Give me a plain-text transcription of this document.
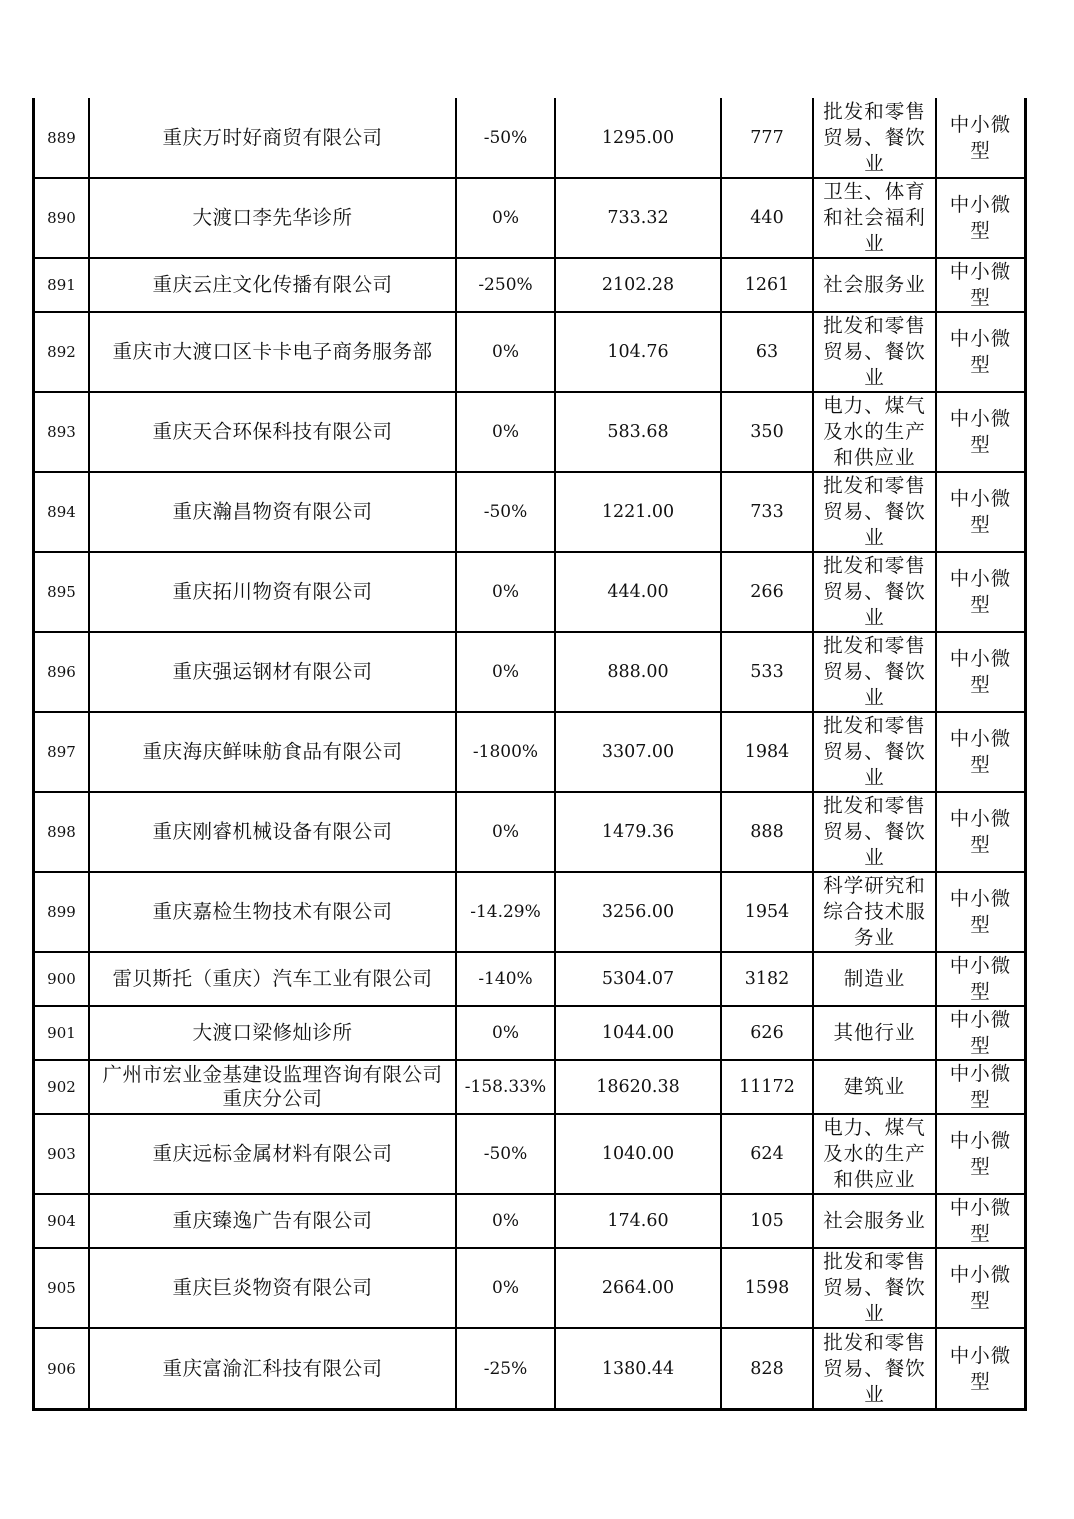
889	重庆万时好商贸有限公司	-50%	1295.00	777	批发和零售贸易、餐饮业	中小微型

890	大渡口李先华诊所	0%	733.32	440	卫生、体育和社会福利业	中小微型

891	重庆云庄文化传播有限公司	-250%	2102.28	1261	社会服务业	中小微型

892	重庆市大渡口区卡卡电子商务服务部	0%	104.76	63	批发和零售贸易、餐饮业	中小微型

893	重庆天合环保科技有限公司	0%	583.68	350	电力、煤气及水的生产和供应业	中小微型

894	重庆瀚昌物资有限公司	-50%	1221.00	733	批发和零售贸易、餐饮业	中小微型

895	重庆拓川物资有限公司	0%	444.00	266	批发和零售贸易、餐饮业	中小微型

896	重庆强运钢材有限公司	0%	888.00	533	批发和零售贸易、餐饮业	中小微型

897	重庆海庆鲜味舫食品有限公司	-1800%	3307.00	1984	批发和零售贸易、餐饮业	中小微型

898	重庆刚睿机械设备有限公司	0%	1479.36	888	批发和零售贸易、餐饮业	中小微型

899	重庆嘉检生物技术有限公司	-14.29%	3256.00	1954	科学研究和综合技术服务业	中小微型

900	雷贝斯托（重庆）汽车工业有限公司	-140%	5304.07	3182	制造业	中小微型

901	大渡口梁修灿诊所	0%	1044.00	626	其他行业	中小微型

902	广州市宏业金基建设监理咨询有限公司重庆分公司	-158.33%	18620.38	11172	建筑业	中小微型

903	重庆远标金属材料有限公司	-50%	1040.00	624	电力、煤气及水的生产和供应业	中小微型

904	重庆臻逸广告有限公司	0%	174.60	105	社会服务业	中小微型

905	重庆巨炎物资有限公司	0%	2664.00	1598	批发和零售贸易、餐饮业	中小微型

906	重庆富渝汇科技有限公司	-25%	1380.44	828	批发和零售贸易、餐饮业	中小微型
